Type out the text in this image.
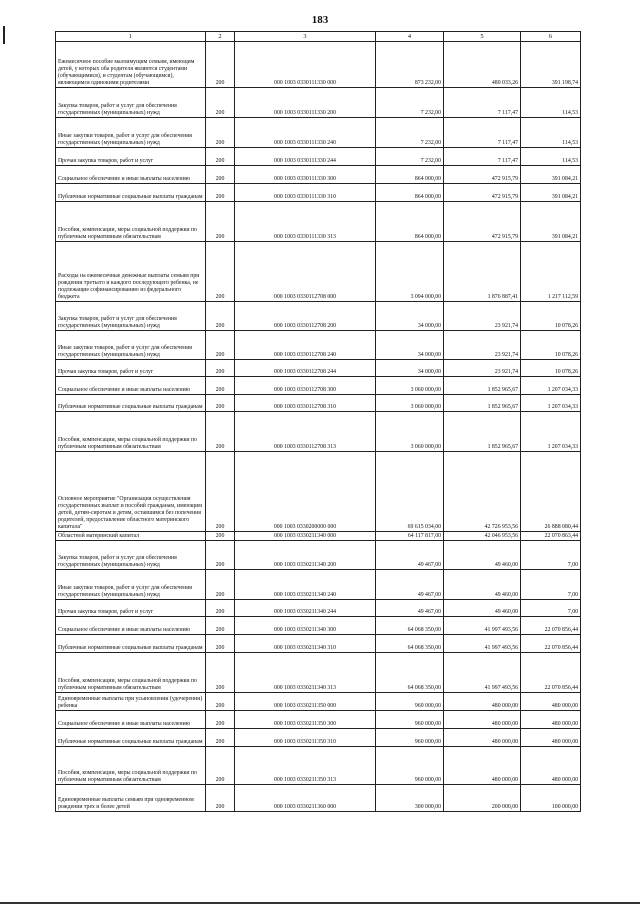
183
1	2	3	4	5	6
Ежемесячное пособие малоимущим семьям, имеющим детей, у которых оба родителя являются студентами (обучающимися), и студентам (обучающимся), являющимся одинокими родителями	200	000 1003 0330111330 000	873 232,00	480 033,26	391 198,74
Закупка товаров, работ и услуг для обеспечения государственных (муниципальных) нужд	200	000 1003 0330111330 200	7 232,00	7 117,47	114,53
Иные закупки товаров, работ и услуг для обеспечения государственных (муниципальных) нужд	200	000 1003 0330111330 240	7 232,00	7 117,47	114,53
Прочая закупка товаров, работ и услуг	200	000 1003 0330111330 244	7 232,00	7 117,47	114,53
Социальное обеспечение и иные выплаты населению	200	000 1003 0330111330 300	864 000,00	472 915,79	391 084,21
Публичные нормативные социальные выплаты гражданам	200	000 1003 0330111330 310	864 000,00	472 915,79	391 084,21
Пособия, компенсации, меры социальной поддержки по публичным нормативным обязательствам	200	000 1003 0330111330 313	864 000,00	472 915,79	391 084,21
Расходы на ежемесячные денежные выплаты семьям при рождении третьего и каждого последующего ребенка, не подлежащие софинансированию из федерального бюджета	200	000 1003 0330112708 000	3 094 000,00	1 876 887,41	1 217 112,59
Закупка товаров, работ и услуг для обеспечения государственных (муниципальных) нужд	200	000 1003 0330112708 200	34 000,00	23 921,74	10 078,26
Иные закупки товаров, работ и услуг для обеспечения государственных (муниципальных) нужд	200	000 1003 0330112708 240	34 000,00	23 921,74	10 078,26
Прочая закупка товаров, работ и услуг	200	000 1003 0330112708 244	34 000,00	23 921,74	10 078,26
Социальное обеспечение и иные выплаты населению	200	000 1003 0330112708 300	3 060 000,00	1 852 965,67	1 207 034,33
Публичные нормативные социальные выплаты гражданам	200	000 1003 0330112708 310	3 060 000,00	1 852 965,67	1 207 034,33
Пособия, компенсации, меры социальной поддержки по публичным нормативным обязательствам	200	000 1003 0330112708 313	3 060 000,00	1 852 965,67	1 207 034,33
Основное мероприятие "Организация осуществления государственных выплат и пособий гражданам, имеющим детей, детям-сиротам и детям, оставшимся без попечения родителей, предоставление областного материнского капитала"	200	000 1003 0330200000 000	69 615 034,00	42 726 953,56	26 888 080,44
Областной материнский капитал	200	000 1003 0330211340 000	64 117 817,00	42 046 953,56	22 070 863,44
Закупка товаров, работ и услуг для обеспечения государственных (муниципальных) нужд	200	000 1003 0330211340 200	49 467,00	49 460,00	7,00
Иные закупки товаров, работ и услуг для обеспечения государственных (муниципальных) нужд	200	000 1003 0330211340 240	49 467,00	49 460,00	7,00
Прочая закупка товаров, работ и услуг	200	000 1003 0330211340 244	49 467,00	49 460,00	7,00
Социальное обеспечение и иные выплаты населению	200	000 1003 0330211340 300	64 068 350,00	41 997 493,56	22 070 856,44
Публичные нормативные социальные выплаты гражданам	200	000 1003 0330211340 310	64 068 350,00	41 997 493,56	22 070 856,44
Пособия, компенсации, меры социальной поддержки по публичным нормативным обязательствам	200	000 1003 0330211340 313	64 068 350,00	41 997 493,56	22 070 856,44
Единовременные выплаты при усыновлении (удочерении) ребенка	200	000 1003 0330211350 000	960 000,00	480 000,00	480 000,00
Социальное обеспечение и иные выплаты населению	200	000 1003 0330211350 300	960 000,00	480 000,00	480 000,00
Публичные нормативные социальные выплаты гражданам	200	000 1003 0330211350 310	960 000,00	480 000,00	480 000,00
Пособия, компенсации, меры социальной поддержки по публичным нормативным обязательствам	200	000 1003 0330211350 313	960 000,00	480 000,00	480 000,00
Единовременные выплаты семьям при одновременном рождении трех и более детей	200	000 1003 0330211360 000	300 000,00	200 000,00	100 000,00
